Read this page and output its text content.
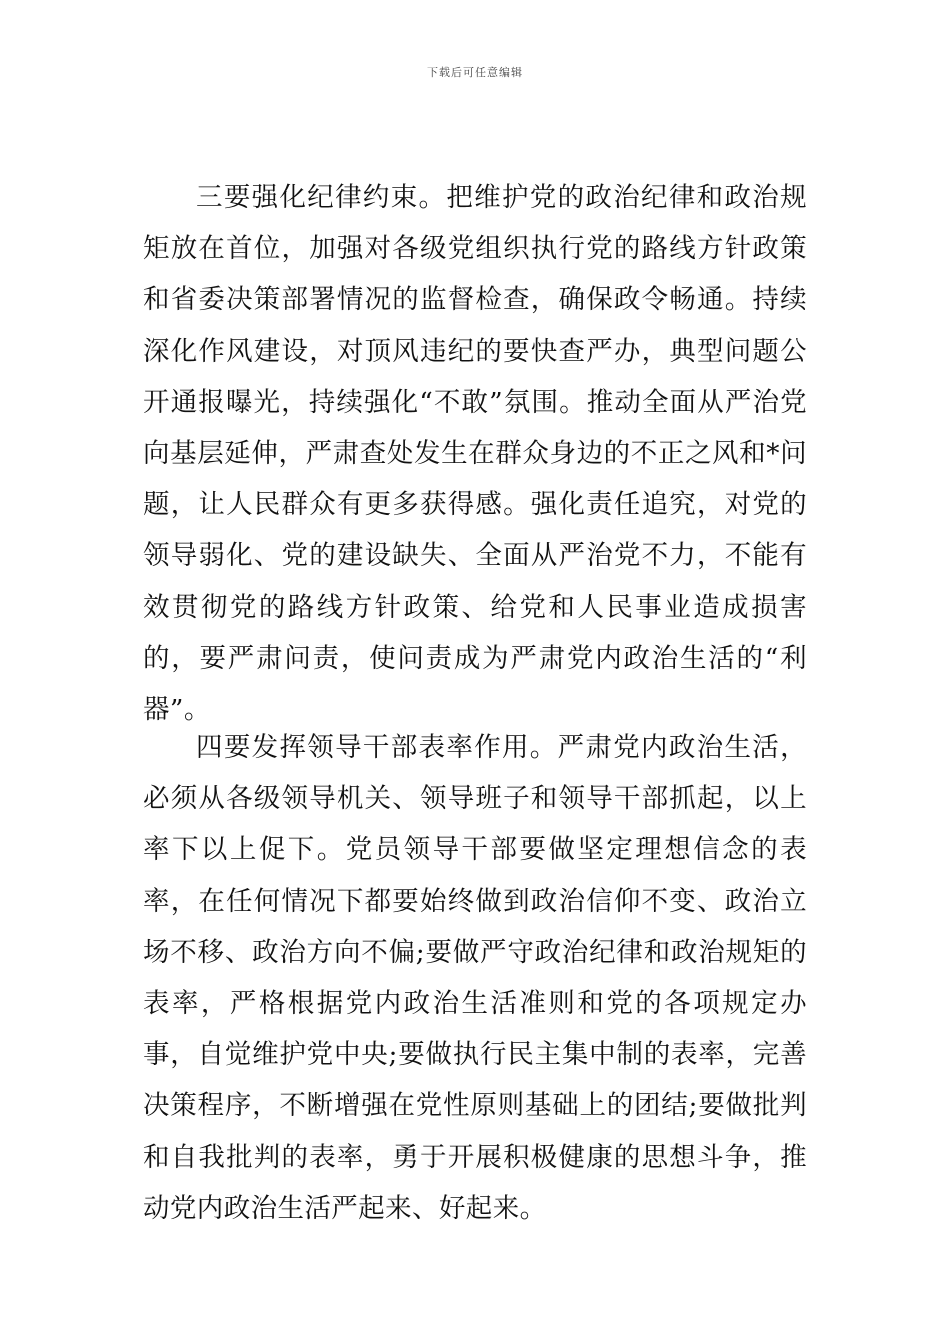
下载后可任意编辑

三要强化纪律约束。把维护党的政治纪律和政治规矩放在首位，加强对各级党组织执行党的路线方针政策和省委决策部署情况的监督检查，确保政令畅通。持续深化作风建设，对顶风违纪的要快查严办，典型问题公开通报曝光，持续强化“不敢”氛围。推动全面从严治党向基层延伸，严肃查处发生在群众身边的不正之风和*问题，让人民群众有更多获得感。强化责任追究，对党的领导弱化、党的建设缺失、全面从严治党不力，不能有效贯彻党的路线方针政策、给党和人民事业造成损害的，要严肃问责，使问责成为严肃党内政治生活的“利器”。

四要发挥领导干部表率作用。严肃党内政治生活，必须从各级领导机关、领导班子和领导干部抓起，以上率下以上促下。党员领导干部要做坚定理想信念的表率，在任何情况下都要始终做到政治信仰不变、政治立场不移、政治方向不偏;要做严守政治纪律和政治规矩的表率，严格根据党内政治生活准则和党的各项规定办事，自觉维护党中央;要做执行民主集中制的表率，完善决策程序，不断增强在党性原则基础上的团结;要做批判和自我批判的表率，勇于开展积极健康的思想斗争，推动党内政治生活严起来、好起来。
